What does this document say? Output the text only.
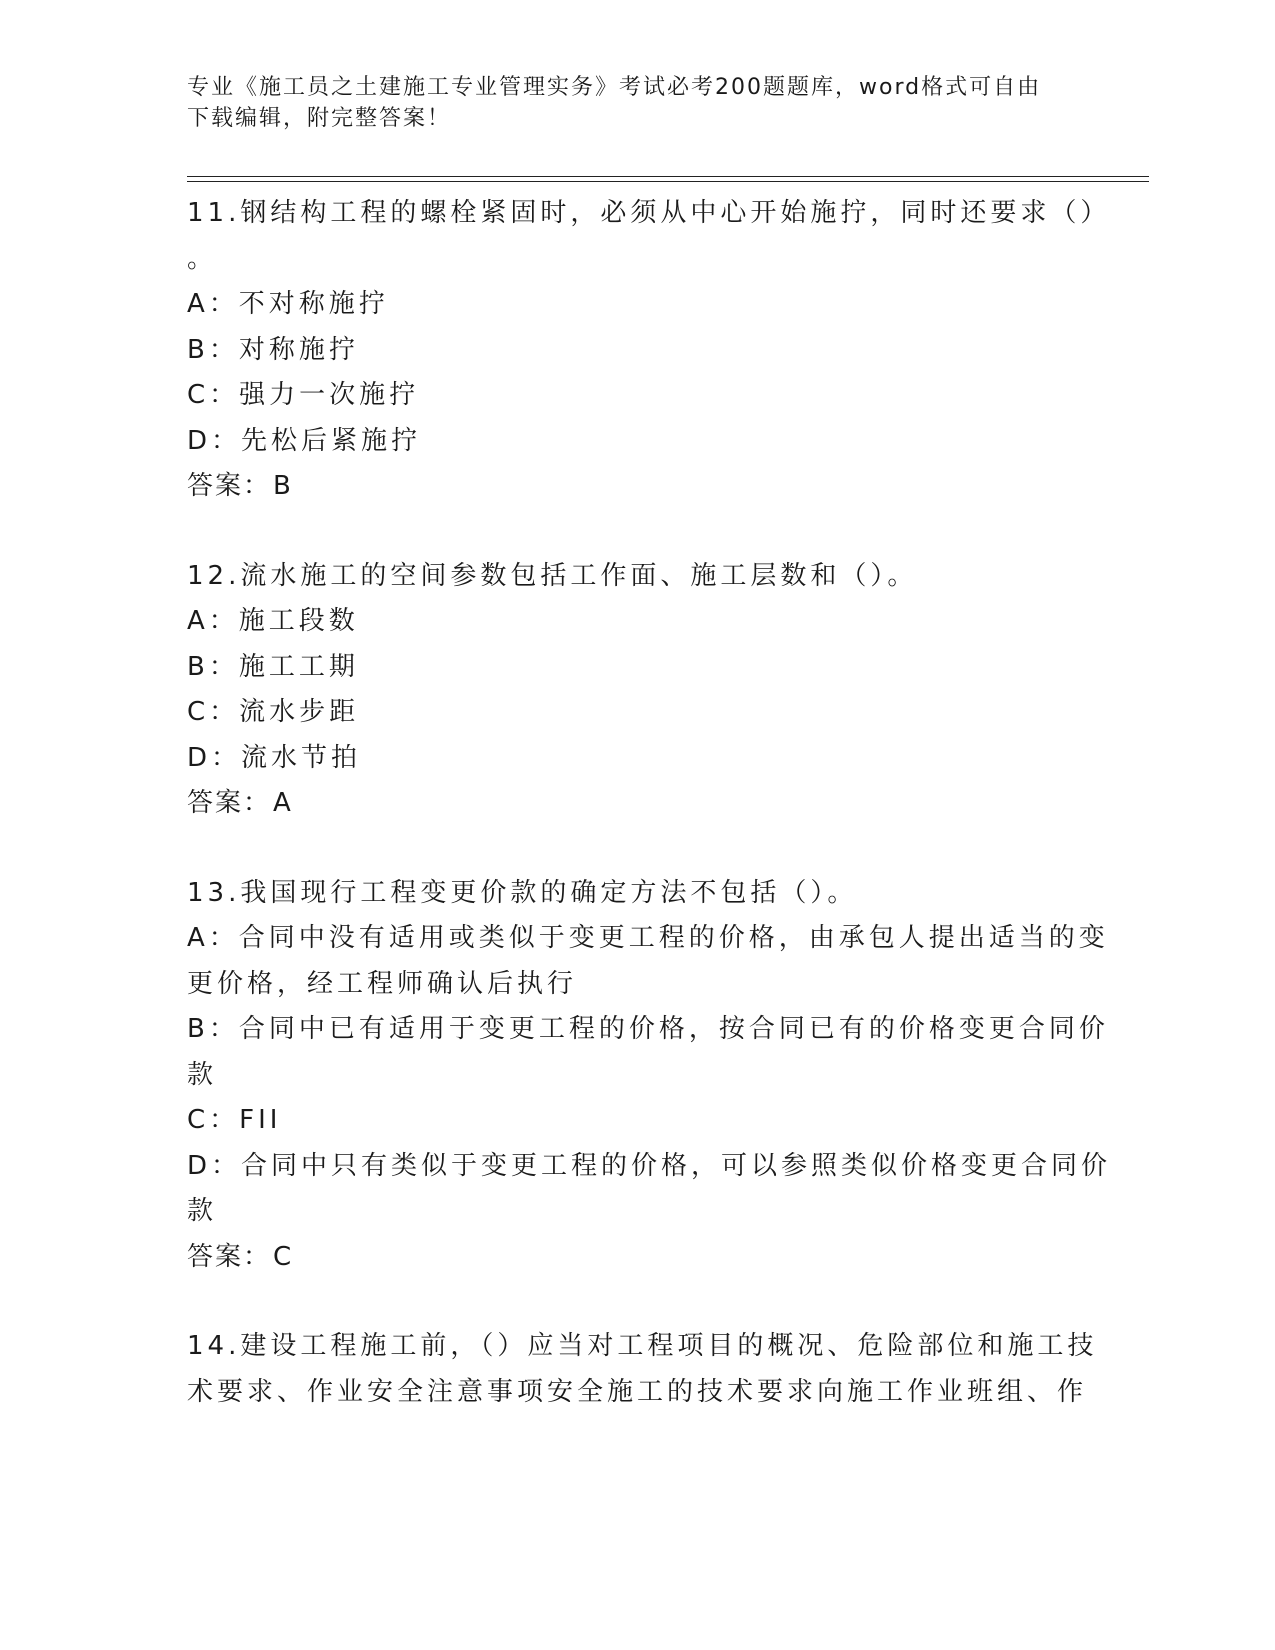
专业《施工员之土建施工专业管理实务》考试必考200题题库，word格式可自由
下载编辑，附完整答案！
11.钢结构工程的螺栓紧固时，必须从中心开始施拧，同时还要求（）
。
A：不对称施拧
B：对称施拧
C：强力一次施拧
D：先松后紧施拧
答案：B
12.流水施工的空间参数包括工作面、施工层数和（）。
A：施工段数
B：施工工期
C：流水步距
D：流水节拍
答案：A
13.我国现行工程变更价款的确定方法不包括（）。
A：合同中没有适用或类似于变更工程的价格，由承包人提出适当的变
更价格，经工程师确认后执行
B：合同中已有适用于变更工程的价格，按合同已有的价格变更合同价
款
C：FII
D：合同中只有类似于变更工程的价格，可以参照类似价格变更合同价
款
答案：C
14.建设工程施工前，（）应当对工程项目的概况、危险部位和施工技
术要求、作业安全注意事项安全施工的技术要求向施工作业班组、作
